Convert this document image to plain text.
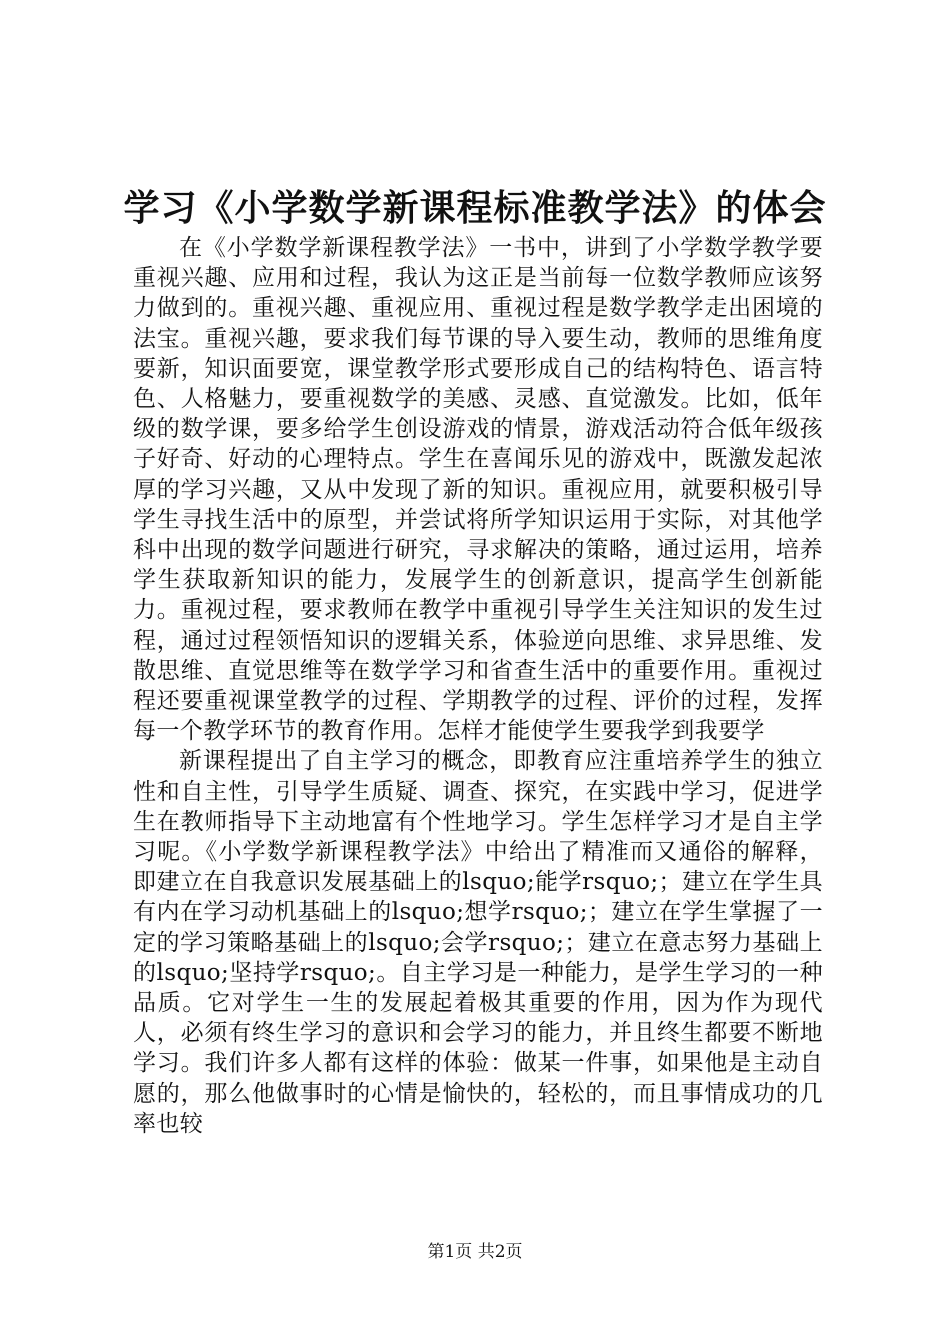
学习《小学数学新课程标准教学法》的体会

在《小学数学新课程教学法》一书中，讲到了小学数学教学要重视兴趣、应用和过程，我认为这正是当前每一位数学教师应该努力做到的。重视兴趣、重视应用、重视过程是数学教学走出困境的法宝。重视兴趣，要求我们每节课的导入要生动，教师的思维角度要新，知识面要宽，课堂教学形式要形成自己的结构特色、语言特色、人格魅力，要重视数学的美感、灵感、直觉激发。比如，低年级的数学课，要多给学生创设游戏的情景，游戏活动符合低年级孩子好奇、好动的心理特点。学生在喜闻乐见的游戏中，既激发起浓厚的学习兴趣，又从中发现了新的知识。重视应用，就要积极引导学生寻找生活中的原型，并尝试将所学知识运用于实际，对其他学科中出现的数学问题进行研究，寻求解决的策略，通过运用，培养学生获取新知识的能力，发展学生的创新意识，提高学生创新能力。重视过程，要求教师在教学中重视引导学生关注知识的发生过程，通过过程领悟知识的逻辑关系，体验逆向思维、求异思维、发散思维、直觉思维等在数学学习和省查生活中的重要作用。重视过程还要重视课堂教学的过程、学期教学的过程、评价的过程，发挥每一个教学环节的教育作用。怎样才能使学生要我学到我要学

新课程提出了自主学习的概念，即教育应注重培养学生的独立性和自主性，引导学生质疑、调查、探究，在实践中学习，促进学生在教师指导下主动地富有个性地学习。学生怎样学习才是自主学习呢。《小学数学新课程教学法》中给出了精准而又通俗的解释，即建立在自我意识发展基础上的lsquo;能学rsquo;；建立在学生具有内在学习动机基础上的lsquo;想学rsquo;；建立在学生掌握了一定的学习策略基础上的lsquo;会学rsquo;；建立在意志努力基础上的lsquo;坚持学rsquo;。自主学习是一种能力，是学生学习的一种品质。它对学生一生的发展起着极其重要的作用，因为作为现代人，必须有终生学习的意识和会学习的能力，并且终生都要不断地学习。我们许多人都有这样的体验：做某一件事，如果他是主动自愿的，那么他做事时的心情是愉快的，轻松的，而且事情成功的几率也较

第1页 共2页
